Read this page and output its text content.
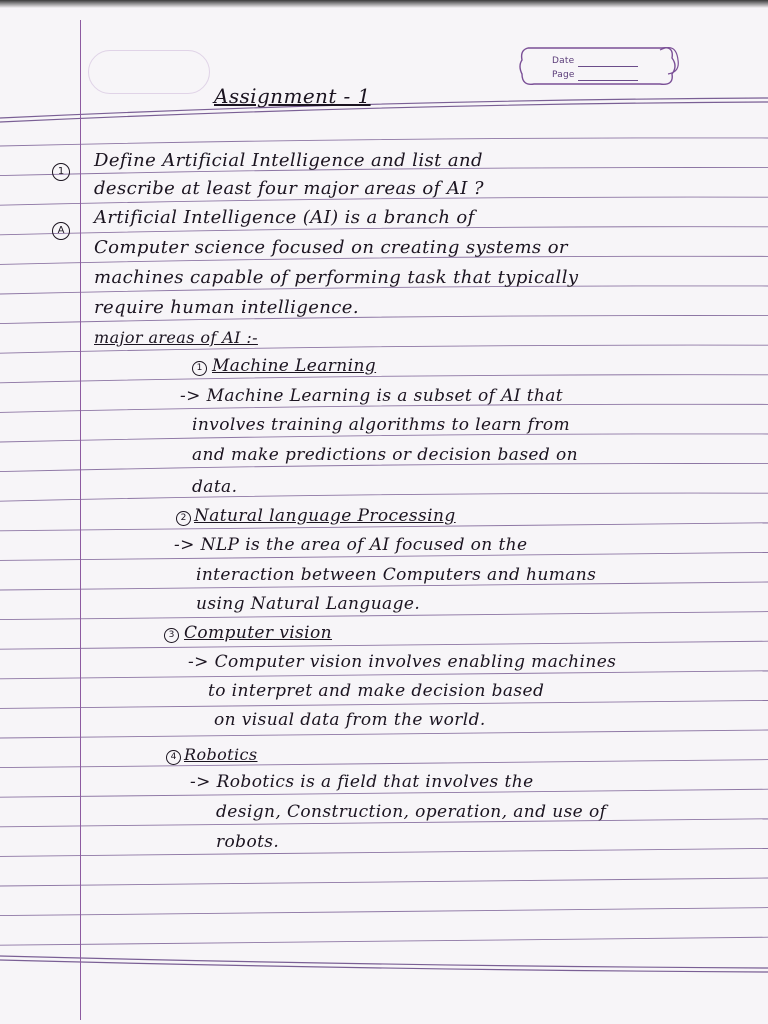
Date
Page
Assignment - 1
1
Define Artificial Intelligence and list and
describe at least four major areas of AI ?
A
Artificial Intelligence (AI) is a branch of
Computer science focused on creating systems or
machines capable of performing task that typically
require human intelligence.
major areas of AI :-
1 Machine Learning
-> Machine Learning is a subset of AI that
involves training algorithms to learn from
and make predictions or decision based on
data.
2 Natural language Processing
-> NLP is the area of AI focused on the
interaction between Computers and humans
using Natural Language.
3 Computer vision
-> Computer vision involves enabling machines
to interpret and make decision based
on visual data from the world.
4 Robotics
-> Robotics is a field that involves the
design, Construction, operation, and use of
robots.
